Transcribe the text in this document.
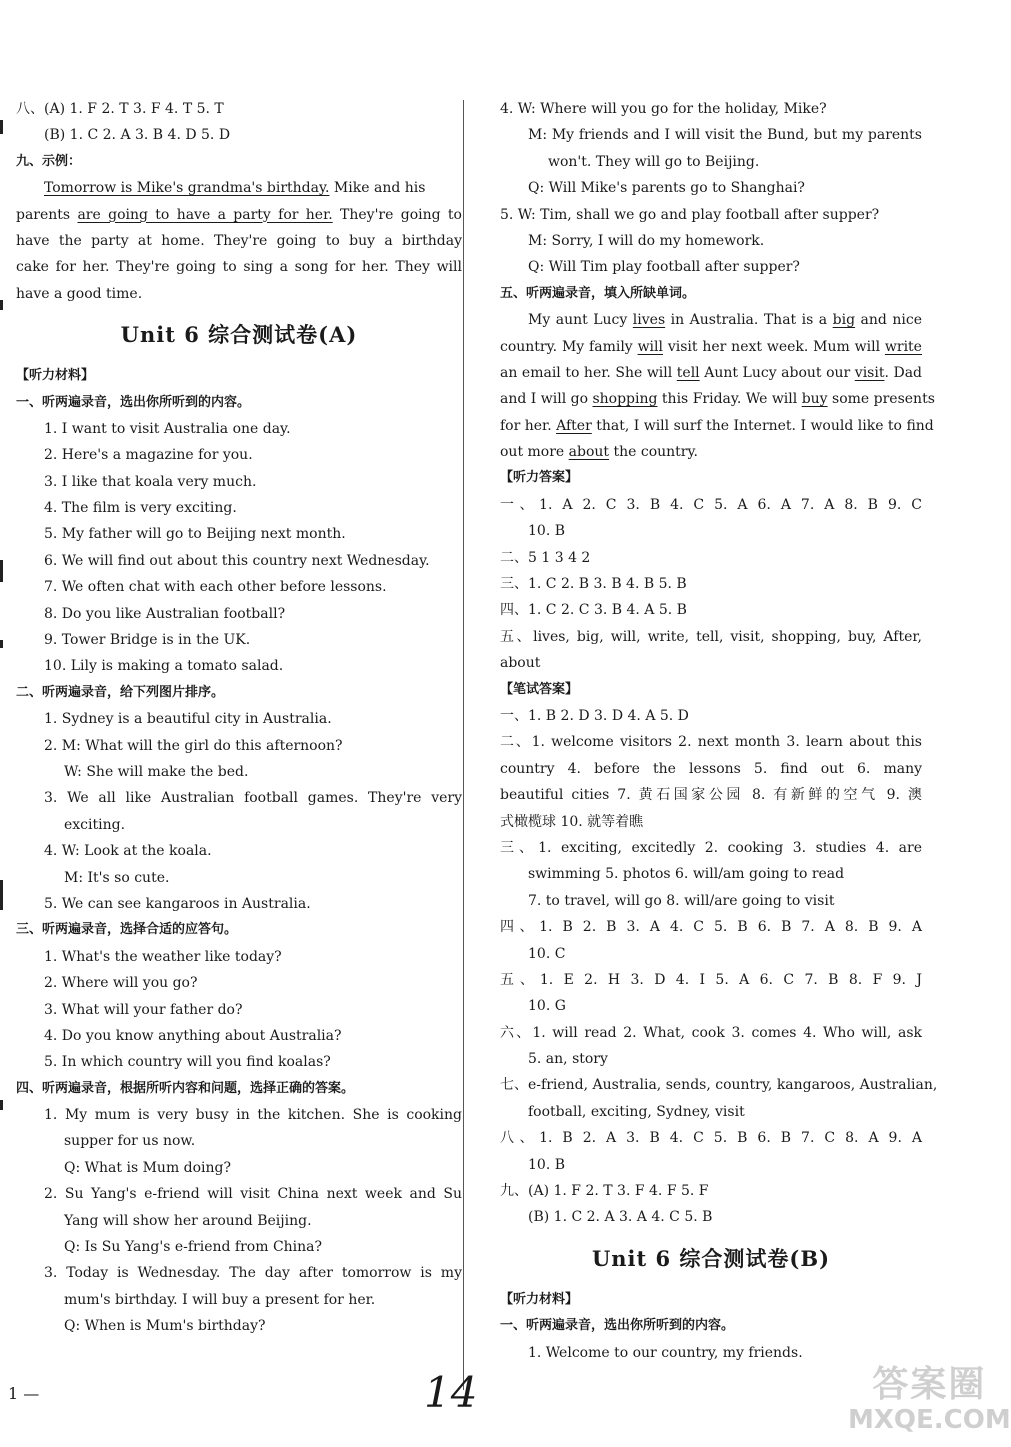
八、(A) 1. F 2. T 3. F 4. T 5. T
(B) 1. C 2. A 3. B 4. D 5. D
九、示例：
Tomorrow is Mike's grandma's birthday. Mike and his
parents are going to have a party for her. They're going to
have the party at home. They're going to buy a birthday
cake for her. They're going to sing a song for her. They will
have a good time.
Unit 6 综合测试卷(A)
【听力材料】
一、听两遍录音，选出你所听到的内容。
1. I want to visit Australia one day.
2. Here's a magazine for you.
3. I like that koala very much.
4. The film is very exciting.
5. My father will go to Beijing next month.
6. We will find out about this country next Wednesday.
7. We often chat with each other before lessons.
8. Do you like Australian football?
9. Tower Bridge is in the UK.
10. Lily is making a tomato salad.
二、听两遍录音，给下列图片排序。
1. Sydney is a beautiful city in Australia.
2. M: What will the girl do this afternoon?
W: She will make the bed.
3. We all like Australian football games. They're very
exciting.
4. W: Look at the koala.
M: It's so cute.
5. We can see kangaroos in Australia.
三、听两遍录音，选择合适的应答句。
1. What's the weather like today?
2. Where will you go?
3. What will your father do?
4. Do you know anything about Australia?
5. In which country will you find koalas?
四、听两遍录音，根据所听内容和问题，选择正确的答案。
1. My mum is very busy in the kitchen. She is cooking
supper for us now.
Q: What is Mum doing?
2. Su Yang's e-friend will visit China next week and Su
Yang will show her around Beijing.
Q: Is Su Yang's e-friend from China?
3. Today is Wednesday. The day after tomorrow is my
mum's birthday. I will buy a present for her.
Q: When is Mum's birthday?
4. W: Where will you go for the holiday, Mike?
M: My friends and I will visit the Bund, but my parents
won't. They will go to Beijing.
Q: Will Mike's parents go to Shanghai?
5. W: Tim, shall we go and play football after supper?
M: Sorry, I will do my homework.
Q: Will Tim play football after supper?
五、听两遍录音，填入所缺单词。
My aunt Lucy lives in Australia. That is a big and nice
country. My family will visit her next week. Mum will write
an email to her. She will tell Aunt Lucy about our visit. Dad
and I will go shopping this Friday. We will buy some presents
for her. After that, I will surf the Internet. I would like to find
out more about the country.
【听力答案】
一、1. A 2. C 3. B 4. C 5. A 6. A 7. A 8. B 9. C
10. B
二、5 1 3 4 2
三、1. C 2. B 3. B 4. B 5. B
四、1. C 2. C 3. B 4. A 5. B
五、lives, big, will, write, tell, visit, shopping, buy, After,
about
【笔试答案】
一、1. B 2. D 3. D 4. A 5. D
二、1. welcome visitors 2. next month 3. learn about this
country 4. before the lessons 5. find out 6. many
beautiful cities 7. 黄石国家公园 8. 有新鲜的空气 9. 澳
式橄榄球 10. 就等着瞧
三、1. exciting, excitedly 2. cooking 3. studies 4. are
swimming 5. photos 6. will/am going to read
7. to travel, will go 8. will/are going to visit
四、1. B 2. B 3. A 4. C 5. B 6. B 7. A 8. B 9. A
10. C
五、1. E 2. H 3. D 4. I 5. A 6. C 7. B 8. F 9. J
10. G
六、1. will read 2. What, cook 3. comes 4. Who will, ask
5. an, story
七、e-friend, Australia, sends, country, kangaroos, Australian,
football, exciting, Sydney, visit
八、1. B 2. A 3. B 4. C 5. B 6. B 7. C 8. A 9. A
10. B
九、(A) 1. F 2. T 3. F 4. F 5. F
(B) 1. C 2. A 3. A 4. C 5. B
Unit 6 综合测试卷(B)
【听力材料】
一、听两遍录音，选出你所听到的内容。
1. Welcome to our country, my friends.
1 —	14	答案圈
MXQE.COM
